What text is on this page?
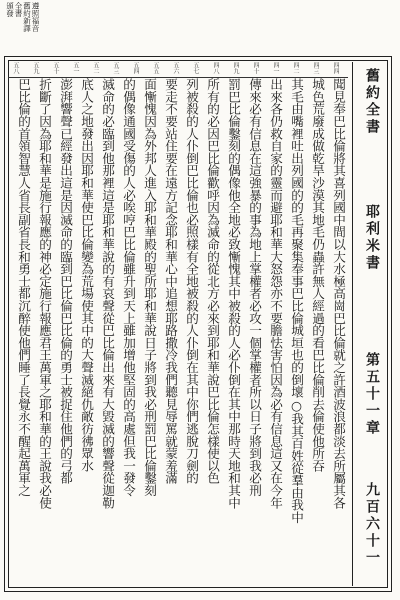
遵照
舊約
全書
頒發
福音
新譯
五八 五九 五十 五一 五二 五三 五四 五五 五六 五七 四八 四九 四十 四一 四二 四三 四四 舊約全書
耶利米書
第五十一章
九百六十一
聞見奉巴比倫將其喜列國中間以大水極高崗巴比倫就之許酒波浪都淡去所屬其各
城色荒廢成做乾旱沙漠其地毛仍蟲許無人經過的看巴比倫削去倫使他所吞
其毛由嘴裡吐出列國的的毛再聚集奉事巴比倫城垣也的倒壞○我其百姓從羣由我中
出來各仍救自家的靈而避耶和華大怒怨亦不要膽怯害怕因為必有信息這又在今年
傳來必有信息在這強暴的事為地上掌權者必攻一個掌權者所以日子將到我必刑
罰巴比倫鑿刻的偶像他全地必致慚愧其中被殺的人必仆倒在其中那時天地和其中
所有的必因巴比倫歡呼因為滅命的從北方必來到耶和華說巴比倫怎樣使以色
列被殺的人仆倒巴比倫也必照樣有全地被殺的人仆倒在其中你們逃脫刀劍的
要走不要站住要在遠方記念耶和華心中追想耶路撒冷我們聽見辱罵就蒙羞滿
面慚愧因為外邦人進入耶和華殿的聖所耶和華說日子將到我必刑罰巴比倫鑿刻
的偶像通國受傷的人必唉哼巴比倫雖升到天上雖加增他堅固的高處但我一發令
滅命的必臨到他那裡這是耶和華說的有哀聲從巴比倫出來有大毀滅的響聲從迦勒
底人之地發出因耶和華使巴比倫變為荒場使其中的大聲滅絕仇敵彷彿眾水
澎湃響聲已經發出這是因滅命的臨到巴比倫巴比倫的勇士被捉住他們的弓都
折斷了因為耶和華是施行報應的神必定施行報應君王萬軍之耶和華的王說我必使
巴比倫的首領智慧人省長副省長和勇士都沉醉使他們睡了長覺永不醒起萬軍之
